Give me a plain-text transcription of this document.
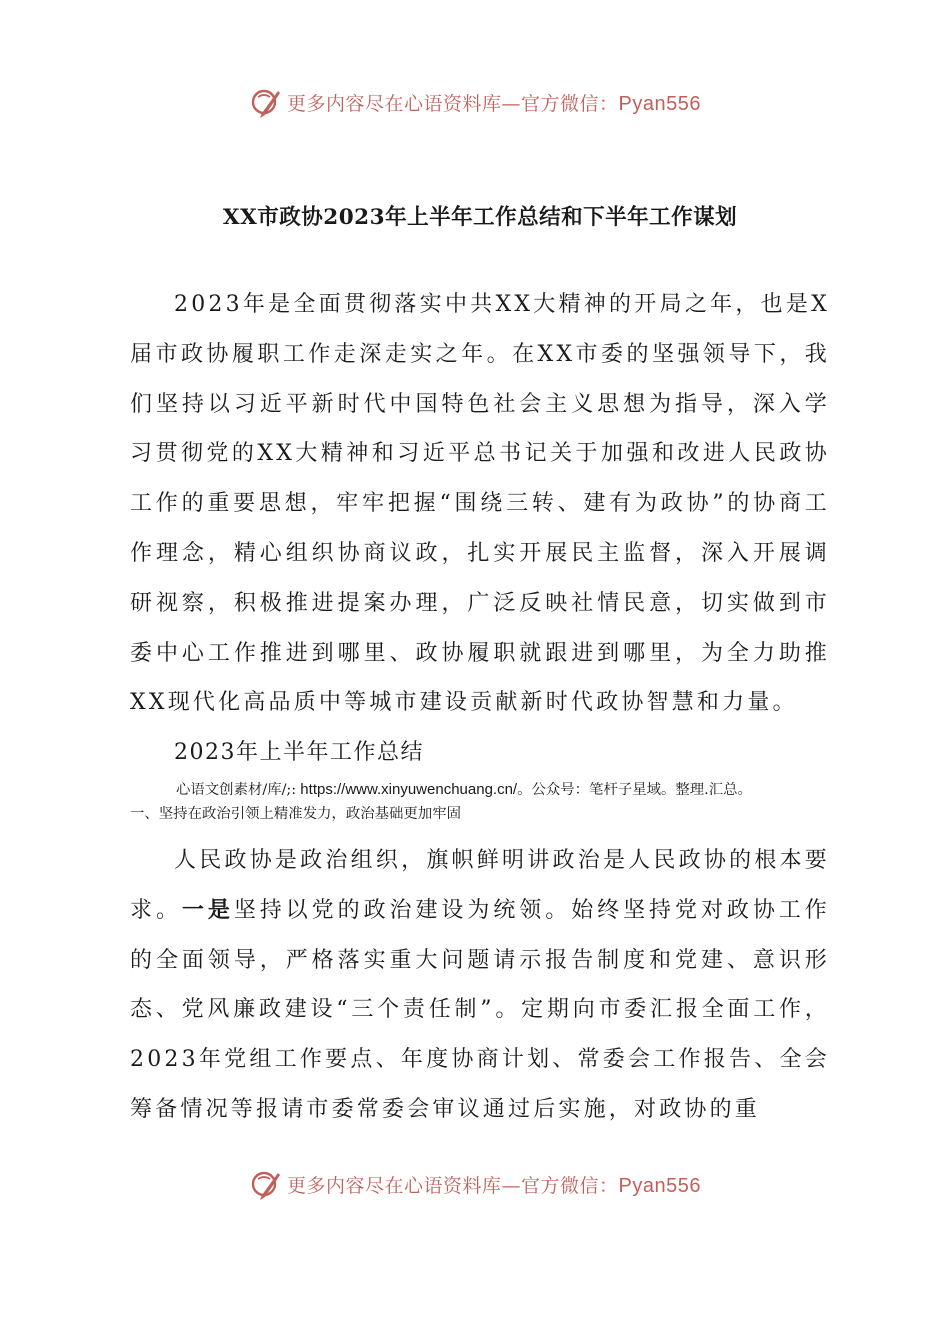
更多内容尽在心语资料库—官方微信：Pyan556
XX市政协2023年上半年工作总结和下半年工作谋划

2023年是全面贯彻落实中共XX大精神的开局之年，也是X届市政协履职工作走深走实之年。在XX市委的坚强领导下，我们坚持以习近平新时代中国特色社会主义思想为指导，深入学习贯彻党的XX大精神和习近平总书记关于加强和改进人民政协工作的重要思想，牢牢把握“围绕三转、建有为政协”的协商工作理念，精心组织协商议政，扎实开展民主监督，深入开展调研视察，积极推进提案办理，广泛反映社情民意，切实做到市委中心工作推进到哪里、政协履职就跟进到哪里，为全力助推XX现代化高品质中等城市建设贡献新时代政协智慧和力量。

2023年上半年工作总结

心语文创素材/库/;: https://www.xinyuwenchuang.cn/。公众号：笔杆子星域。整理.汇总。

一、坚持在政治引领上精准发力，政治基础更加牢固

人民政协是政治组织，旗帜鲜明讲政治是人民政协的根本要求。一是坚持以党的政治建设为统领。始终坚持党对政协工作的全面领导，严格落实重大问题请示报告制度和党建、意识形态、党风廉政建设“三个责任制”。定期向市委汇报全面工作，2023年党组工作要点、年度协商计划、常委会工作报告、全会筹备情况等报请市委常委会审议通过后实施，对政协的重

更多内容尽在心语资料库—官方微信：Pyan556
